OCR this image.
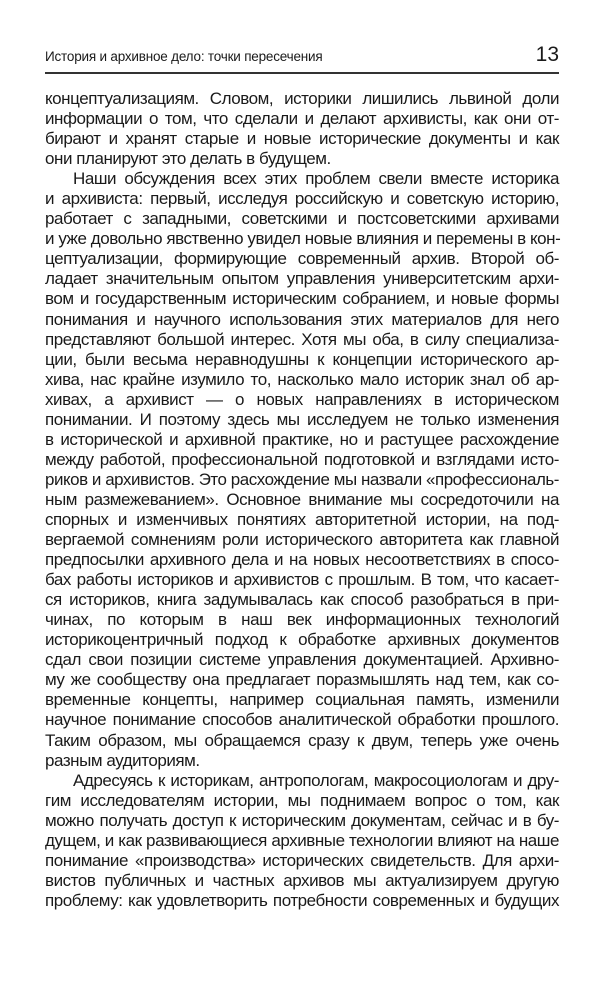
История и архивное дело: точки пересечения	13
концептуализациям. Словом, историки лишились львиной доли
информации о том, что сделали и делают архивисты, как они от-
бирают и хранят старые и новые исторические документы и как
они планируют это делать в будущем.
Наши обсуждения всех этих проблем свели вместе историка
и архивиста: первый, исследуя российскую и советскую историю,
работает с западными, советскими и постсоветскими архивами
и уже довольно явственно увидел новые влияния и перемены в кон-
цептуализации, формирующие современный архив. Второй об-
ладает значительным опытом управления университетским архи-
вом и государственным историческим собранием, и новые формы
понимания и научного использования этих материалов для него
представляют большой интерес. Хотя мы оба, в силу специализа-
ции, были весьма неравнодушны к концепции исторического ар-
хива, нас крайне изумило то, насколько мало историк знал об ар-
хивах, а архивист — о новых направлениях в историческом
понимании. И поэтому здесь мы исследуем не только изменения
в исторической и архивной практике, но и растущее расхождение
между работой, профессиональной подготовкой и взглядами исто-
риков и архивистов. Это расхождение мы назвали «профессиональ-
ным размежеванием». Основное внимание мы сосредоточили на
спорных и изменчивых понятиях авторитетной истории, на под-
вергаемой сомнениям роли исторического авторитета как главной
предпосылки архивного дела и на новых несоответствиях в спосо-
бах работы историков и архивистов с прошлым. В том, что касает-
ся историков, книга задумывалась как способ разобраться в при-
чинах, по которым в наш век информационных технологий
историкоцентричный подход к обработке архивных документов
сдал свои позиции системе управления документацией. Архивно-
му же сообществу она предлагает поразмышлять над тем, как со-
временные концепты, например социальная память, изменили
научное понимание способов аналитической обработки прошлого.
Таким образом, мы обращаемся сразу к двум, теперь уже очень
разным аудиториям.
Адресуясь к историкам, антропологам, макросоциологам и дру-
гим исследователям истории, мы поднимаем вопрос о том, как
можно получать доступ к историческим документам, сейчас и в бу-
дущем, и как развивающиеся архивные технологии влияют на наше
понимание «производства» исторических свидетельств. Для архи-
вистов публичных и частных архивов мы актуализируем другую
проблему: как удовлетворить потребности современных и будущих
